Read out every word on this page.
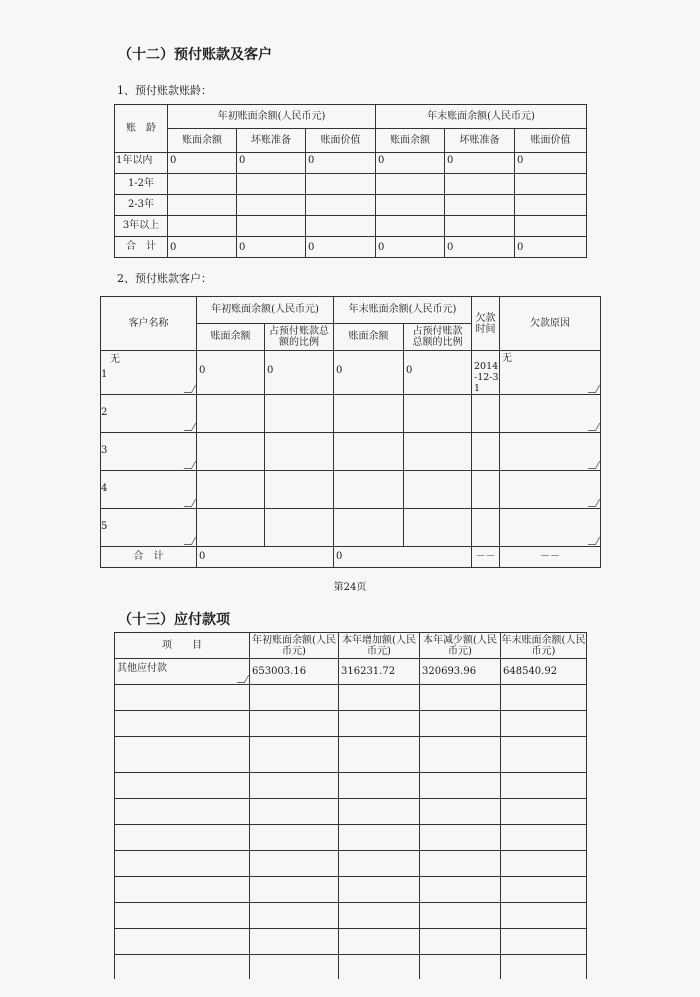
（十二）预付账款及客户
1、预付账款账龄：
账　龄	年初账面余额(人民币元)			年末账面余额(人民币元)		
	账面余额	坏账准备	账面价值	账面余额	坏账准备	账面价值
1年以内	0	0	0	0	0	0
1-2年						
2-3年						
3年以上						
合　计	0	0	0	0	0	0
2、预付账款客户：
客户名称	年初账面余额(人民币元)		年末账面余额(人民币元)		欠款时间	欠款原因
	账面余额	占预付账款总额的比例	账面余额	占预付账款总额的比例		

1
无	0	0	0	0	2014-12-31	无

2						

3						

4						

5						

合　计	0		0		－－	－－
第24页
（十三）应付款项
项　　目	年初账面余额(人民币元)	本年增加额(人民币元)	本年减少额(人民币元)	年末账面余额(人民币元)
其他应付款	653003.16	316231.72	320693.96	648540.92
